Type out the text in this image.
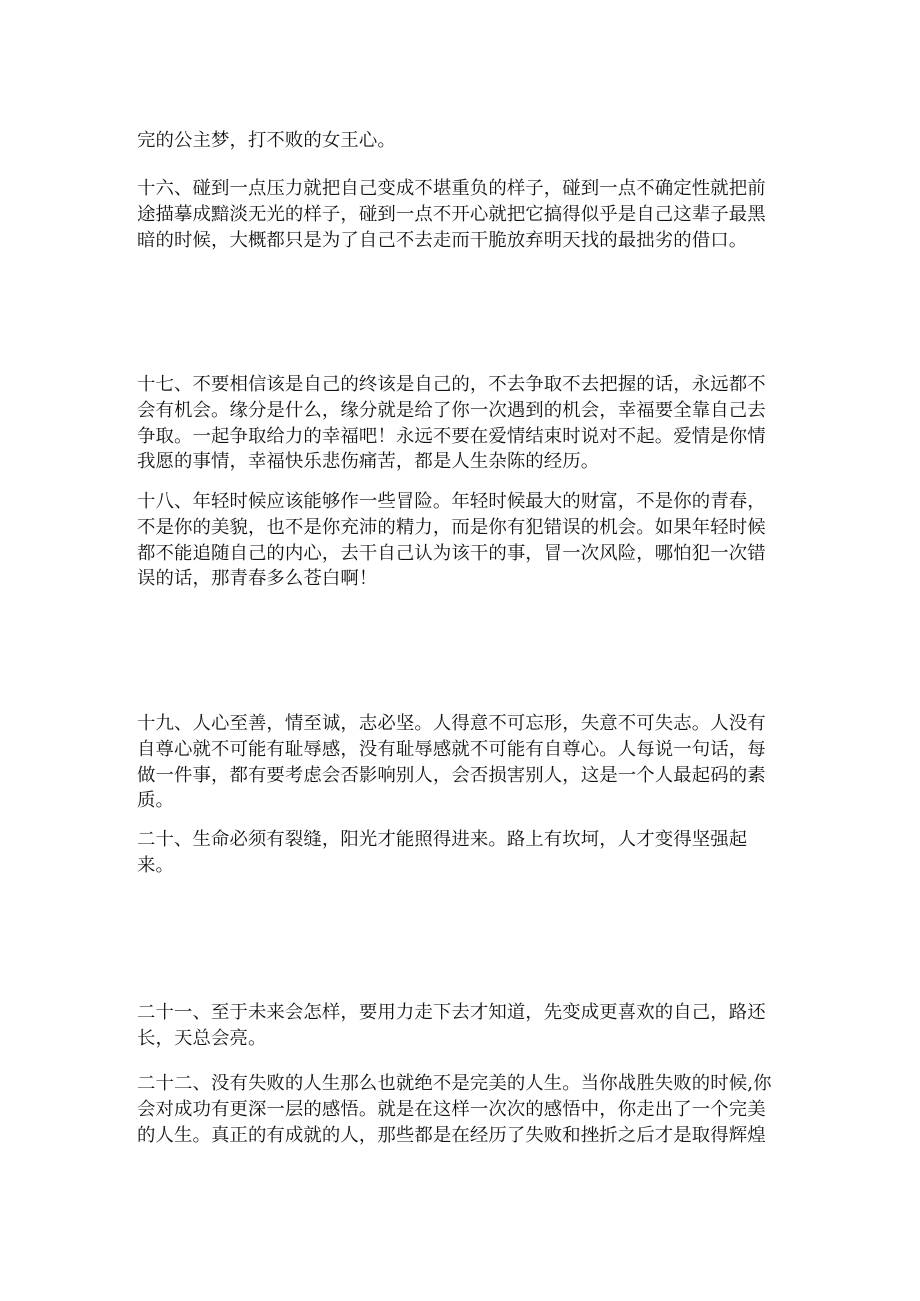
完的公主梦，打不败的女王心。

十六、碰到一点压力就把自己变成不堪重负的样子，碰到一点不确定性就把前
途描摹成黯淡无光的样子，碰到一点不开心就把它搞得似乎是自己这辈子最黑
暗的时候，大概都只是为了自己不去走而干脆放弃明天找的最拙劣的借口。

十七、不要相信该是自己的终该是自己的，不去争取不去把握的话，永远都不
会有机会。缘分是什么，缘分就是给了你一次遇到的机会，幸福要全靠自己去
争取。一起争取给力的幸福吧！永远不要在爱情结束时说对不起。爱情是你情
我愿的事情，幸福快乐悲伤痛苦，都是人生杂陈的经历。

十八、年轻时候应该能够作一些冒险。年轻时候最大的财富，不是你的青春，
不是你的美貌，也不是你充沛的精力，而是你有犯错误的机会。如果年轻时候
都不能追随自己的内心，去干自己认为该干的事，冒一次风险，哪怕犯一次错
误的话，那青春多么苍白啊！

十九、人心至善，情至诚，志必坚。人得意不可忘形，失意不可失志。人没有
自尊心就不可能有耻辱感，没有耻辱感就不可能有自尊心。人每说一句话，每
做一件事，都有要考虑会否影响别人，会否损害别人，这是一个人最起码的素
质。

二十、生命必须有裂缝，阳光才能照得进来。路上有坎坷，人才变得坚强起
来。

二十一、至于未来会怎样，要用力走下去才知道，先变成更喜欢的自己，路还
长，天总会亮。

二十二、没有失败的人生那么也就绝不是完美的人生。当你战胜失败的时候,你
会对成功有更深一层的感悟。就是在这样一次次的感悟中，你走出了一个完美
的人生。真正的有成就的人，那些都是在经历了失败和挫折之后才是取得辉煌
